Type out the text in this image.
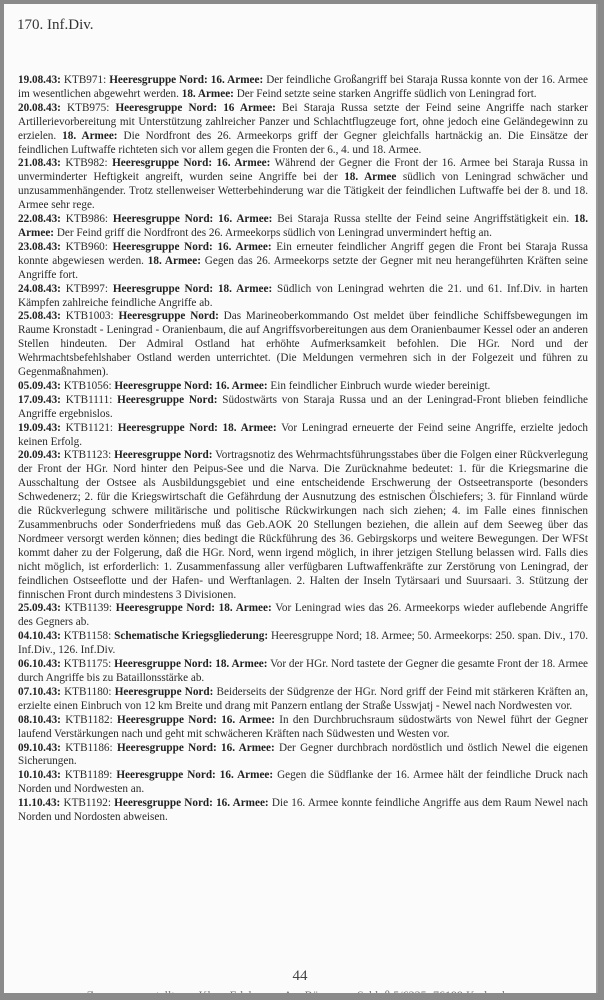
170. Inf.Div.

19.08.43: KTB971: Heeresgruppe Nord: 16. Armee: Der feindliche Großangriff bei Staraja Russa konnte von der 16. Armee im wesentlichen abgewehrt werden. 18. Armee: Der Feind setzte seine starken Angriffe südlich von Leningrad fort.

20.08.43: KTB975: Heeresgruppe Nord: 16 Armee: Bei Staraja Russa setzte der Feind seine Angriffe nach starker Artillerievorbereitung mit Unterstützung zahlreicher Panzer und Schlachtflugzeuge fort, ohne jedoch eine Geländegewinn zu erzielen. 18. Armee: Die Nordfront des 26. Armeekorps griff der Gegner gleichfalls hartnäckig an. Die Einsätze der feindlichen Luftwaffe richteten sich vor allem gegen die Fronten der 6., 4. und 18. Armee.

21.08.43: KTB982: Heeresgruppe Nord: 16. Armee: Während der Gegner die Front der 16. Armee bei Staraja Russa in unverminderter Heftigkeit angreift, wurden seine Angriffe bei der 18. Armee südlich von Leningrad schwächer und unzusammenhängender. Trotz stellenweiser Wetterbehinderung war die Tätigkeit der feindlichen Luftwaffe bei der 8. und 18. Armee sehr rege.

22.08.43: KTB986: Heeresgruppe Nord: 16. Armee: Bei Staraja Russa stellte der Feind seine Angriffstätigkeit ein. 18. Armee: Der Feind griff die Nordfront des 26. Armeekorps südlich von Leningrad unvermindert heftig an.

23.08.43: KTB960: Heeresgruppe Nord: 16. Armee: Ein erneuter feindlicher Angriff gegen die Front bei Staraja Russa konnte abgewiesen werden. 18. Armee: Gegen das 26. Armeekorps setzte der Gegner mit neu herangeführten Kräften seine Angriffe fort.

24.08.43: KTB997: Heeresgruppe Nord: 18. Armee: Südlich von Leningrad wehrten die 21. und 61. Inf.Div. in harten Kämpfen zahlreiche feindliche Angriffe ab.

25.08.43: KTB1003: Heeresgruppe Nord: Das Marineoberkommando Ost meldet über feindliche Schiffsbewegungen im Raume Kronstadt - Leningrad - Oranienbaum, die auf Angriffsvorbereitungen aus dem Oranienbaumer Kessel oder an anderen Stellen hindeuten. Der Admiral Ostland hat erhöhte Aufmerksamkeit befohlen. Die HGr. Nord und der Wehrmachtsbefehlshaber Ostland werden unterrichtet. (Die Meldungen vermehren sich in der Folgezeit und führen zu Gegenmaßnahmen).

05.09.43: KTB1056: Heeresgruppe Nord: 16. Armee: Ein feindlicher Einbruch wurde wieder bereinigt.

17.09.43: KTB1111: Heeresgruppe Nord: Südostwärts von Staraja Russa und an der Leningrad-Front blieben feindliche Angriffe ergebnislos.

19.09.43: KTB1121: Heeresgruppe Nord: 18. Armee: Vor Leningrad erneuerte der Feind seine Angriffe, erzielte jedoch keinen Erfolg.

20.09.43: KTB1123: Heeresgruppe Nord: Vortragsnotiz des Wehrmachtsführungsstabes über die Folgen einer Rückverlegung der Front der HGr. Nord hinter den Peipus-See und die Narva. Die Zurücknahme bedeutet: 1. für die Kriegsmarine die Ausschaltung der Ostsee als Ausbildungsgebiet und eine entscheidende Erschwerung der Ostseetransporte (besonders Schwedenerz; 2. für die Kriegswirtschaft die Gefährdung der Ausnutzung des estnischen Ölschiefers; 3. für Finnland würde die Rückverlegung schwere militärische und politische Rückwirkungen nach sich ziehen; 4. im Falle eines finnischen Zusammenbruchs oder Sonderfriedens muß das Geb.AOK 20 Stellungen beziehen, die allein auf dem Seeweg über das Nordmeer versorgt werden können; dies bedingt die Rückführung des 36. Gebirgskorps und weitere Bewegungen. Der WFSt kommt daher zu der Folgerung, daß die HGr. Nord, wenn irgend möglich, in ihrer jetzigen Stellung belassen wird. Falls dies nicht möglich, ist erforderlich: 1. Zusammenfassung aller verfügbaren Luftwaffenkräfte zur Zerstörung von Leningrad, der feindlichen Ostseeflotte und der Hafen- und Werftanlagen. 2. Halten der Inseln Tytärsaari und Suursaari. 3. Stützung der finnischen Front durch mindestens 3 Divisionen.

25.09.43: KTB1139: Heeresgruppe Nord: 18. Armee: Vor Leningrad wies das 26. Armeekorps wieder auflebende Angriffe des Gegners ab.

04.10.43: KTB1158: Schematische Kriegsgliederung: Heeresgruppe Nord; 18. Armee; 50. Armeekorps: 250. span. Div., 170. Inf.Div., 126. Inf.Div.

06.10.43: KTB1175: Heeresgruppe Nord: 18. Armee: Vor der HGr. Nord tastete der Gegner die gesamte Front der 18. Armee durch Angriffe bis zu Bataillonsstärke ab.

07.10.43: KTB1180: Heeresgruppe Nord: Beiderseits der Südgrenze der HGr. Nord griff der Feind mit stärkeren Kräften an, erzielte einen Einbruch von 12 km Breite und drang mit Panzern entlang der Straße Usswjatj - Newel nach Nordwesten vor.

08.10.43: KTB1182: Heeresgruppe Nord: 16. Armee: In den Durchbruchsraum südostwärts von Newel führt der Gegner laufend Verstärkungen nach und geht mit schwächeren Kräften nach Südwesten und Westen vor.

09.10.43: KTB1186: Heeresgruppe Nord: 16. Armee: Der Gegner durchbrach nordöstlich und östlich Newel die eigenen Sicherungen.

10.10.43: KTB1189: Heeresgruppe Nord: 16. Armee: Gegen die Südflanke der 16. Armee hält der feindliche Druck nach Norden und Nordwesten an.

11.10.43: KTB1192: Heeresgruppe Nord: 16. Armee: Die 16. Armee konnte feindliche Angriffe aus dem Raum Newel nach Norden und Nordosten abweisen.

44
